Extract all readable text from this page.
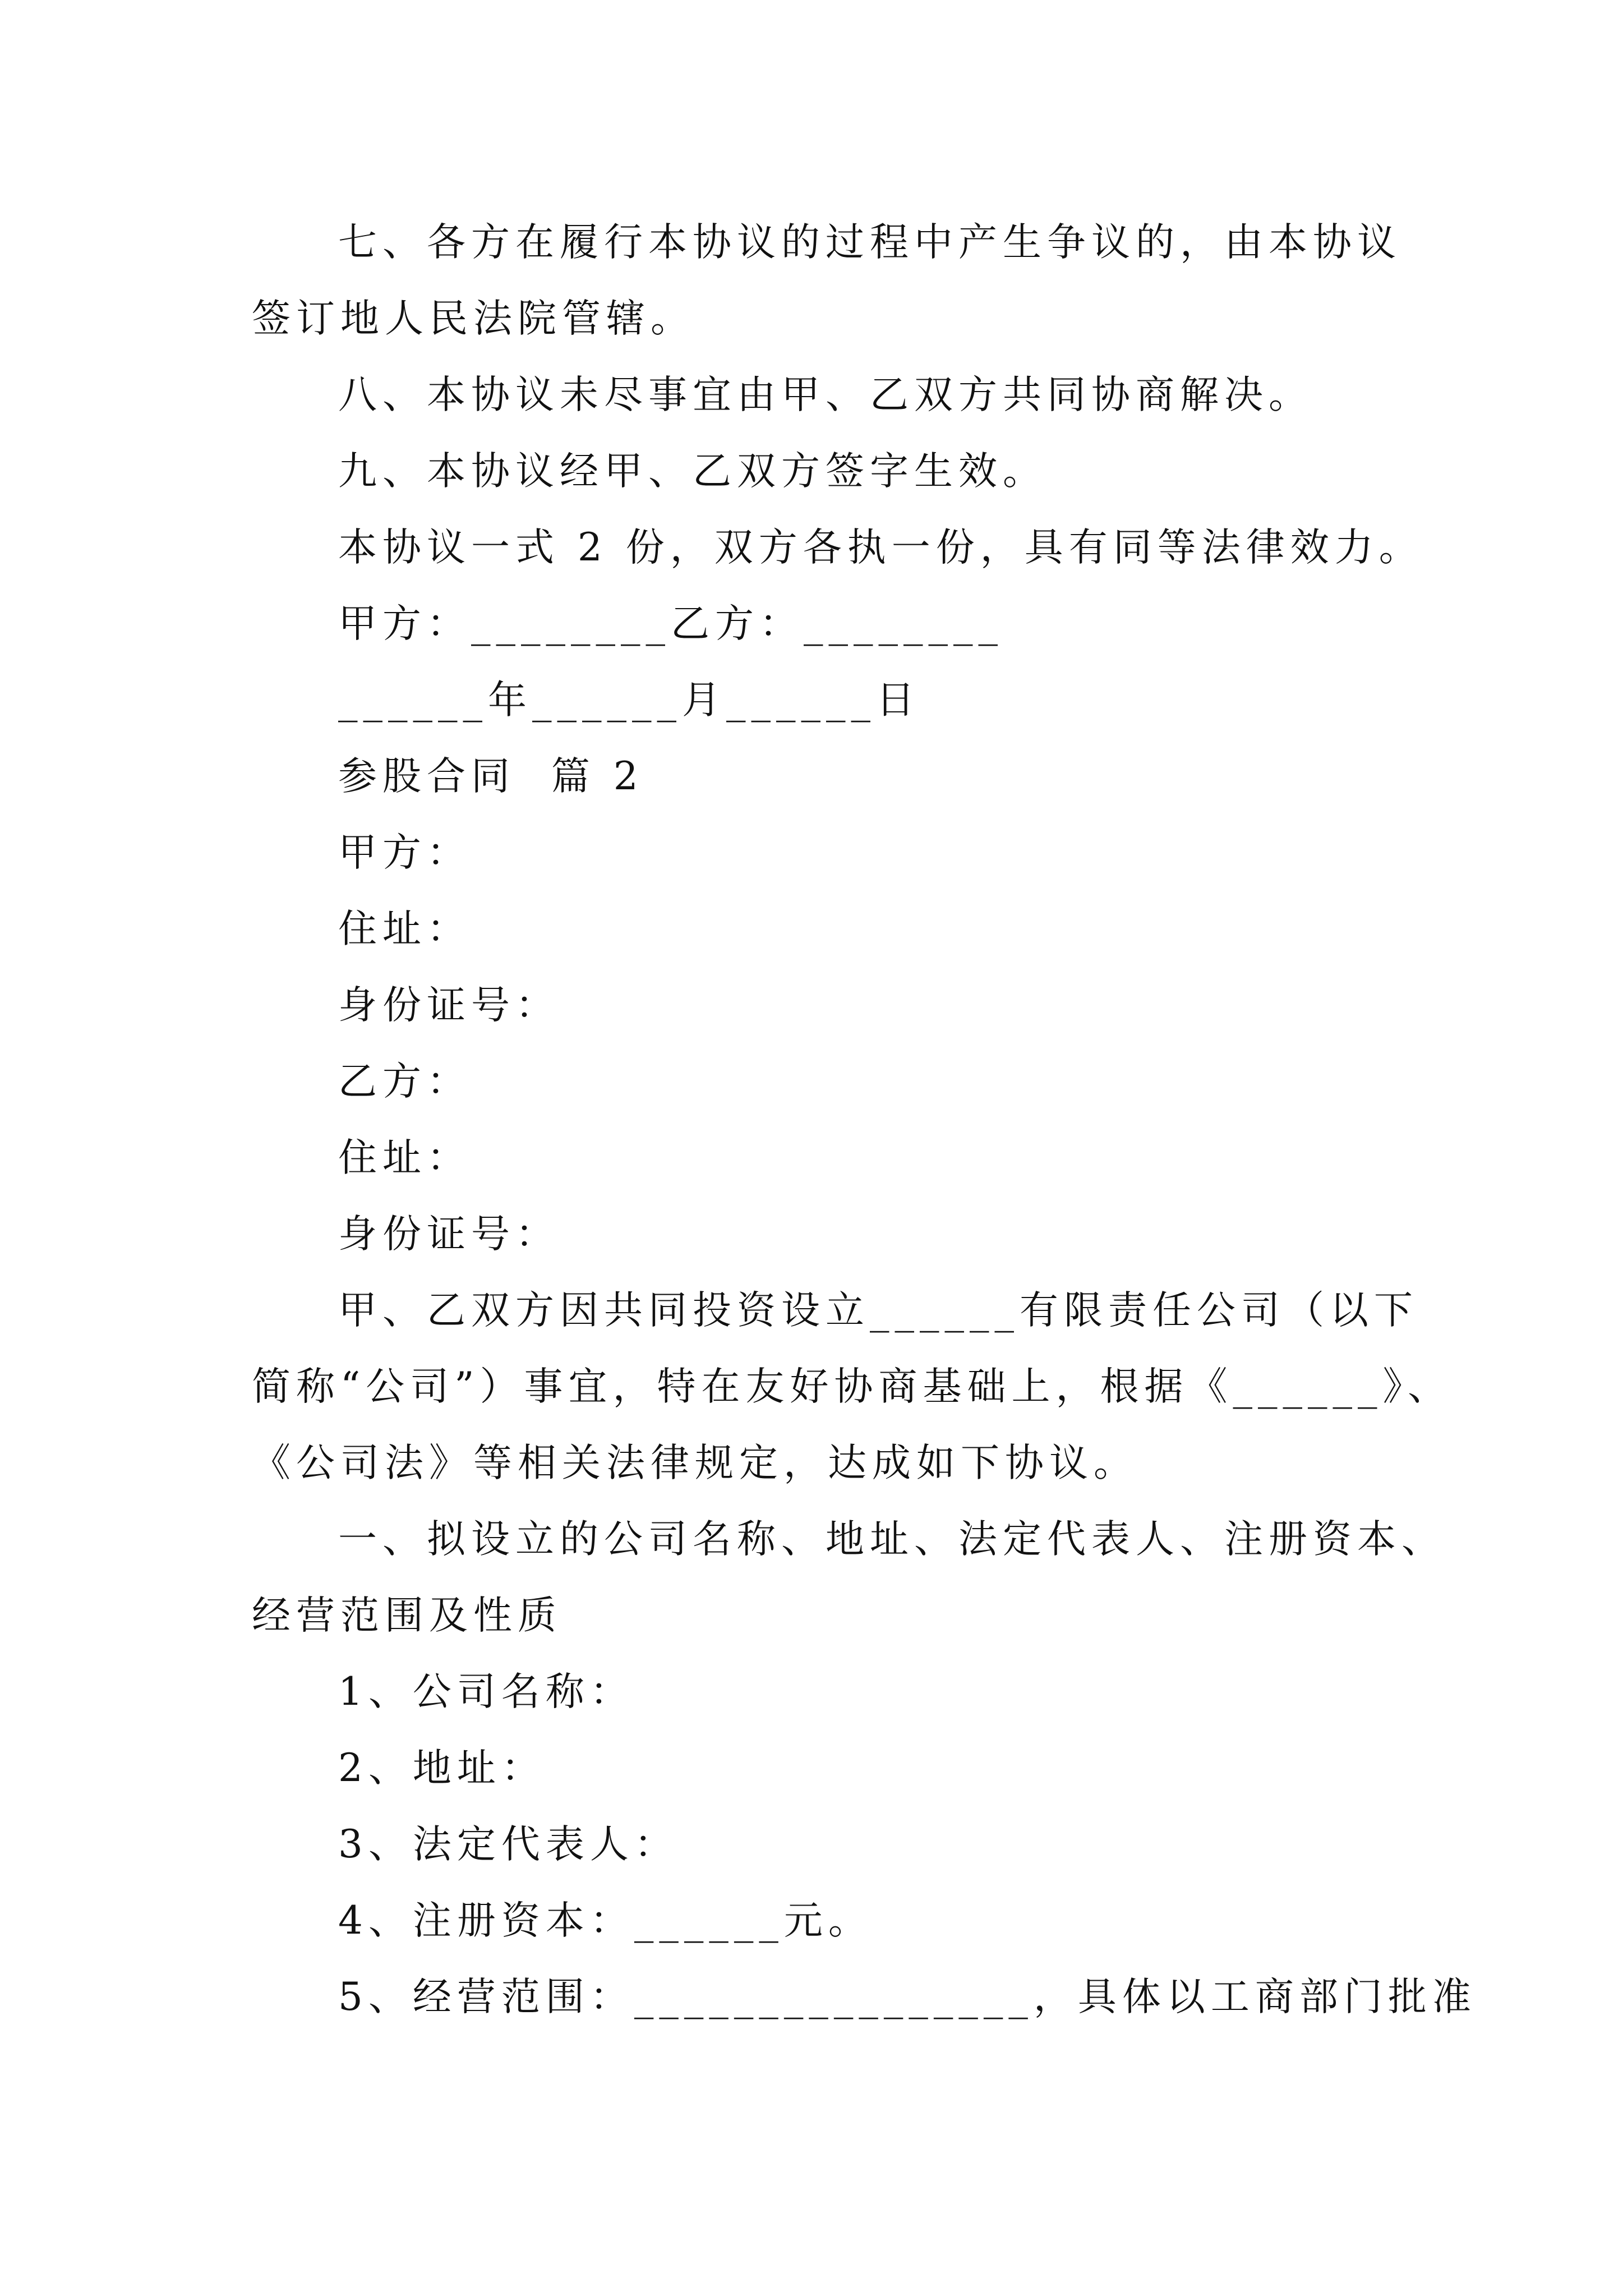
七、各方在履行本协议的过程中产生争议的，由本协议
签订地人民法院管辖。
八、本协议未尽事宜由甲、乙双方共同协商解决。
九、本协议经甲、乙双方签字生效。
本协议一式 2 份，双方各执一份，具有同等法律效力。
甲方：________乙方：________
______年______月______日
参股合同  篇 2
甲方：
住址：
身份证号：
乙方：
住址：
身份证号：
甲、乙双方因共同投资设立______有限责任公司（以下
简称“公司”）事宜，特在友好协商基础上，根据《______》、
《公司法》等相关法律规定，达成如下协议。
一、拟设立的公司名称、地址、法定代表人、注册资本、
经营范围及性质
1、公司名称：
2、地址：
3、法定代表人：
4、注册资本：______元。
5、经营范围：________________，具体以工商部门批准
